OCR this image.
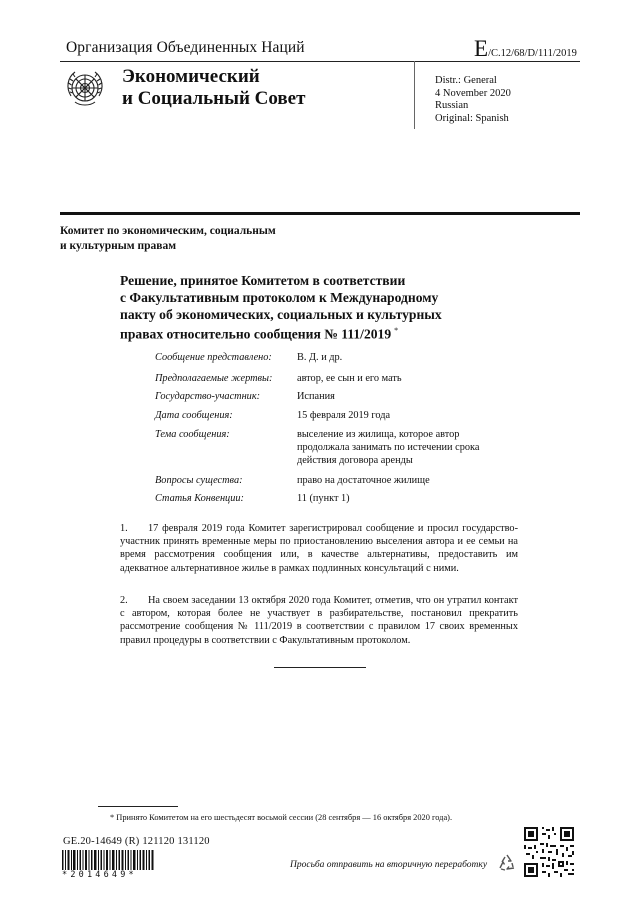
Организация Объединенных Наций	E/C.12/68/D/111/2019
Экономический
и Социальный Совет
Distr.: General
4 November 2020
Russian
Original: Spanish
Комитет по экономическим, социальным
и культурным правам
Решение, принятое Комитетом в соответствии
с Факультативным протоколом к Международному
пакту об экономических, социальных и культурных
правах относительно сообщения № 111/2019 *
Сообщение представлено:	В. Д. и др.
Предполагаемые жертвы:	автор, ее сын и его мать
Государство-участник:	Испания
Дата сообщения:	15 февраля 2019 года
Тема сообщения:	выселение из жилища, которое автор продолжала занимать по истечении срока действия договора аренды
Вопросы существа:	право на достаточное жилище
Статья Конвенции:	11 (пункт 1)
1. 17 февраля 2019 года Комитет зарегистрировал сообщение и просил государство-участник принять временные меры по приостановлению выселения автора и ее семьи на время рассмотрения сообщения или, в качестве альтернативы, предоставить им адекватное альтернативное жилье в рамках подлинных консультаций с ними.
2. На своем заседании 13 октября 2020 года Комитет, отметив, что он утратил контакт с автором, которая более не участвует в разбирательстве, постановил прекратить рассмотрение сообщения № 111/2019 в соответствии с правилом 17 своих временных правил процедуры в соответствии с Факультативным протоколом.
* Принято Комитетом на его шестьдесят восьмой сессии (28 сентября — 16 октября 2020 года).
GE.20-14649 (R) 121120 131120
*2014649*
Просьба отправить на вторичную переработку
